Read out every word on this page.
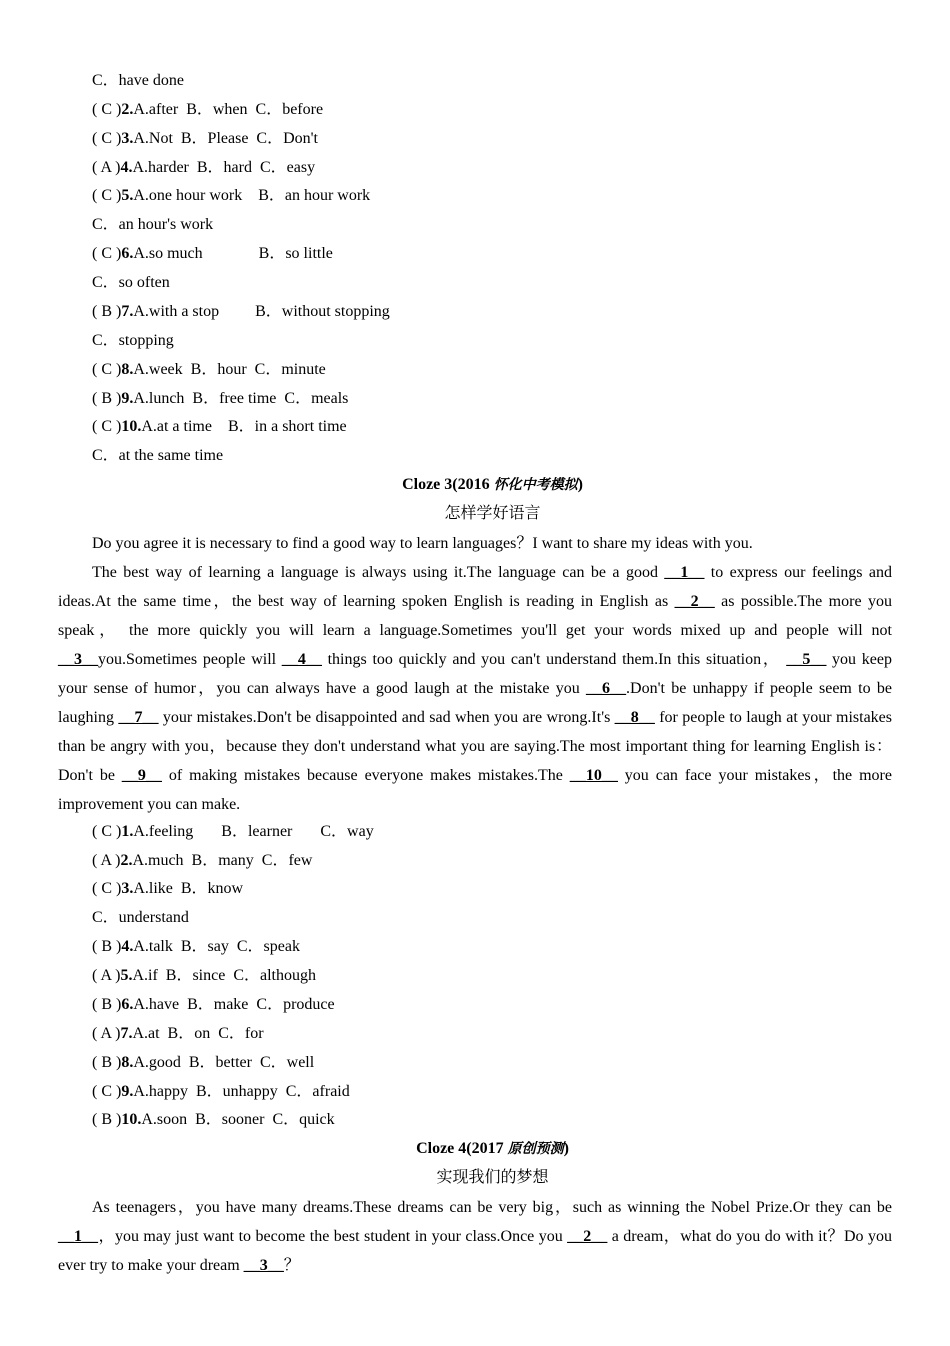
C．have done
( C )2.A.after  B．when  C．before
( C )3.A.Not  B．Please  C．Don't
( A )4.A.harder  B．hard  C．easy
( C )5.A.one hour work    B．an hour work
C．an hour's work
( C )6.A.so much              B．so little
C．so often
( B )7.A.with a stop         B．without stopping
C．stopping
( C )8.A.week  B．hour  C．minute
( B )9.A.lunch  B．free time  C．meals
( C )10.A.at a time    B．in a short time
C．at the same time
Cloze 3(2016 怀化中考模拟)
怎样学好语言

Do you agree it is necessary to find a good way to learn languages？I want to share my ideas with you.

The best way of learning a language is always using it.The language can be a good __1__ to express our feelings and ideas.At the same time，the best way of learning spoken English is reading in English as __2__ as possible.The more you speak， the more quickly you will learn a language.Sometimes you'll get your words mixed up and people will not __3__you.Sometimes people will __4__ things too quickly and you can't understand them.In this situation， __5__ you keep your sense of humor，you can always have a good laugh at the mistake you __6__.Don't be unhappy if people seem to be laughing __7__ your mistakes.Don't be disappointed and sad when you are wrong.It's __8__ for people to laugh at your mistakes than be angry with you，because they don't understand what you are saying.The most important thing for learning English is：Don't be __9__ of making mistakes because everyone makes mistakes.The __10__ you can face your mistakes，the more improvement you can make.

( C )1.A.feeling       B．learner       C．way
( A )2.A.much  B．many  C．few
( C )3.A.like  B．know
C．understand
( B )4.A.talk  B．say  C．speak
( A )5.A.if  B．since  C．although
( B )6.A.have  B．make  C．produce
( A )7.A.at  B．on  C．for
( B )8.A.good  B．better  C．well
( C )9.A.happy  B．unhappy  C．afraid
( B )10.A.soon  B．sooner  C．quick
Cloze 4(2017 原创预测)
实现我们的梦想

As teenagers，you have many dreams.These dreams can be very big，such as winning the Nobel Prize.Or they can be __1__，you may just want to become the best student in your class.Once you __2__ a dream，what do you do with it？Do you ever try to make your dream __3__？
